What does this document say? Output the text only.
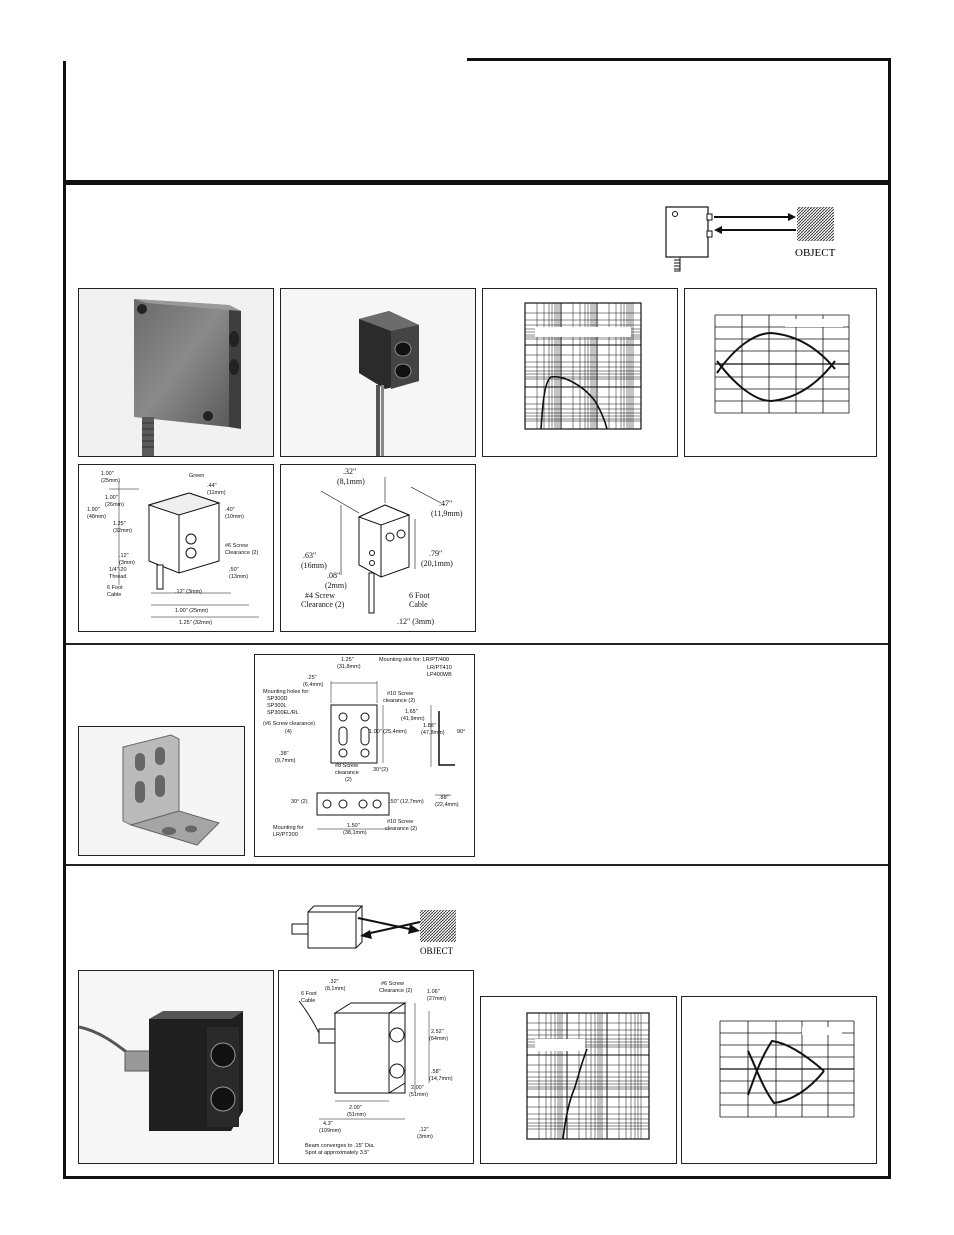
OBJECT
1.00"
(25mm)
Green
.44"
(11mm)
1.00"
(26mm)
1.90"
(48mm)
.40"
(10mm)
1.25"
(32mm)
#6 Screw
Clearance (2)
.12"
(3mm)
1/4"-20
Thread
.50"
(13mm)
.12" (3mm)
6 Foot
Cable
1.00" (25mm)
1.25" (32mm)
.32"
(8,1mm)
.47"
(11,9mm)
.63"
(16mm)
.79"
(20,1mm)
.08"
(2mm)
#4 Screw
Clearance (2)
6 Foot
Cable
.12" (3mm)
1.25"
(31,8mm)
Mounting slot for: LR/PT/400
LR/PT410
LP400WB
.25"
(6,4mm)
Mounting holes for:
SP300D
SP300L
SP300EL/RL
(#6 Screw clearance)
(4)
#10 Screw
clearance (2)
1.65"
(41,9mm)
1.00" (25,4mm)
1.88"
(47,8mm) 90°
.38"
(9,7mm)
#8 Screw
clearance
(2)
30°(2)
30° (2)	.50" (12,7mm)
.88"
(22,4mm)
Mounting for
LR/PT200
1.50"
(38,1mm)
#10 Screw
clearance (2)
OBJECT
.32"
(8,1mm)
6 Foot
Cable
#6 Screw
Clearance (2)	1.06"
(27mm)
2.52"
(64mm)
.58"
(14,7mm)
2.00"
(51mm)
2.00"
(51mm)
4.3"
(109mm)	.12"
(3mm)
Beam converges to .15" Dia.
Spot at approximately 3.5"
